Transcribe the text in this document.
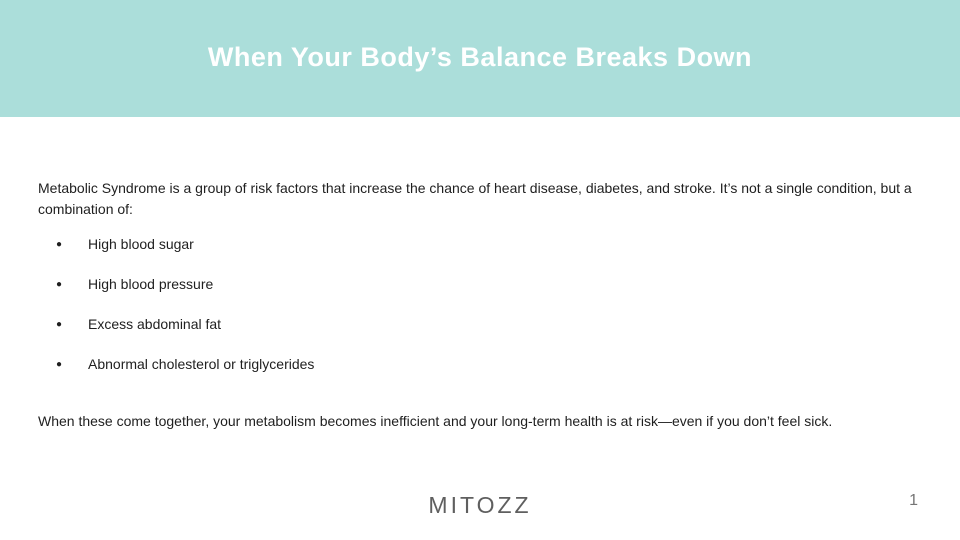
When Your Body’s Balance Breaks Down

Metabolic Syndrome is a group of risk factors that increase the chance of heart disease, diabetes, and stroke. It’s not a single condition, but a combination of:

● High blood sugar
● High blood pressure
● Excess abdominal fat
● Abnormal cholesterol or triglycerides

When these come together, your metabolism becomes inefficient and your long-term health is at risk—even if you don’t feel sick.

MITOZZ	1
